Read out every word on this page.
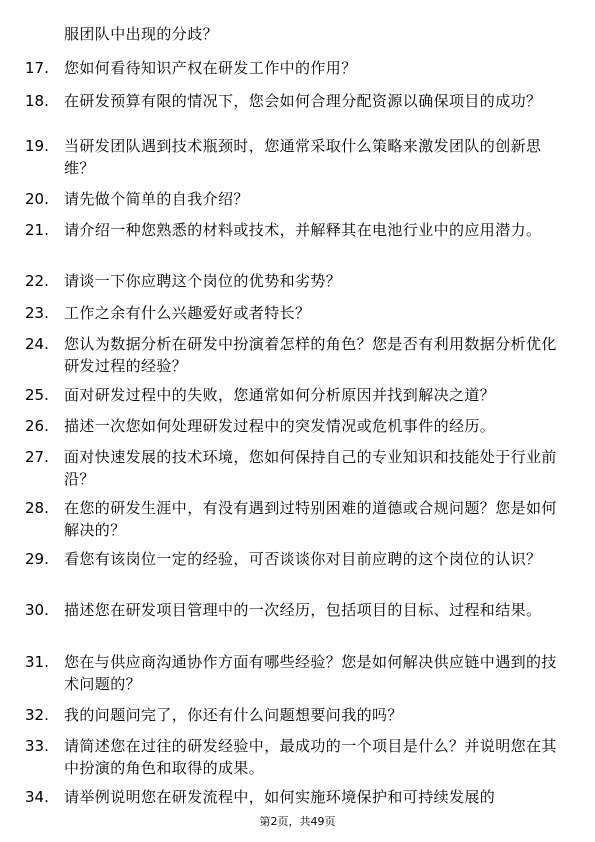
服团队中出现的分歧？
17.	您如何看待知识产权在研发工作中的作用？
18.	在研发预算有限的情况下，您会如何合理分配资源以确保项目的成功？
19.	当研发团队遇到技术瓶颈时，您通常采取什么策略来激发团队的创新思维？
20.	请先做个简单的自我介绍？
21.	请介绍一种您熟悉的材料或技术，并解释其在电池行业中的应用潜力。
22.	请谈一下你应聘这个岗位的优势和劣势？
23.	工作之余有什么兴趣爱好或者特长？
24.	您认为数据分析在研发中扮演着怎样的角色？您是否有利用数据分析优化研发过程的经验？
25.	面对研发过程中的失败，您通常如何分析原因并找到解决之道？
26.	描述一次您如何处理研发过程中的突发情况或危机事件的经历。
27.	面对快速发展的技术环境，您如何保持自己的专业知识和技能处于行业前沿？
28.	在您的研发生涯中，有没有遇到过特别困难的道德或合规问题？您是如何解决的？
29.	看您有该岗位一定的经验，可否谈谈你对目前应聘的这个岗位的认识？
30.	描述您在研发项目管理中的一次经历，包括项目的目标、过程和结果。
31.	您在与供应商沟通协作方面有哪些经验？您是如何解决供应链中遇到的技术问题的？
32.	我的问题问完了，你还有什么问题想要问我的吗？
33.	请简述您在过往的研发经验中，最成功的一个项目是什么？并说明您在其中扮演的角色和取得的成果。
34.	请举例说明您在研发流程中，如何实施环境保护和可持续发展的
第2页，共49页
